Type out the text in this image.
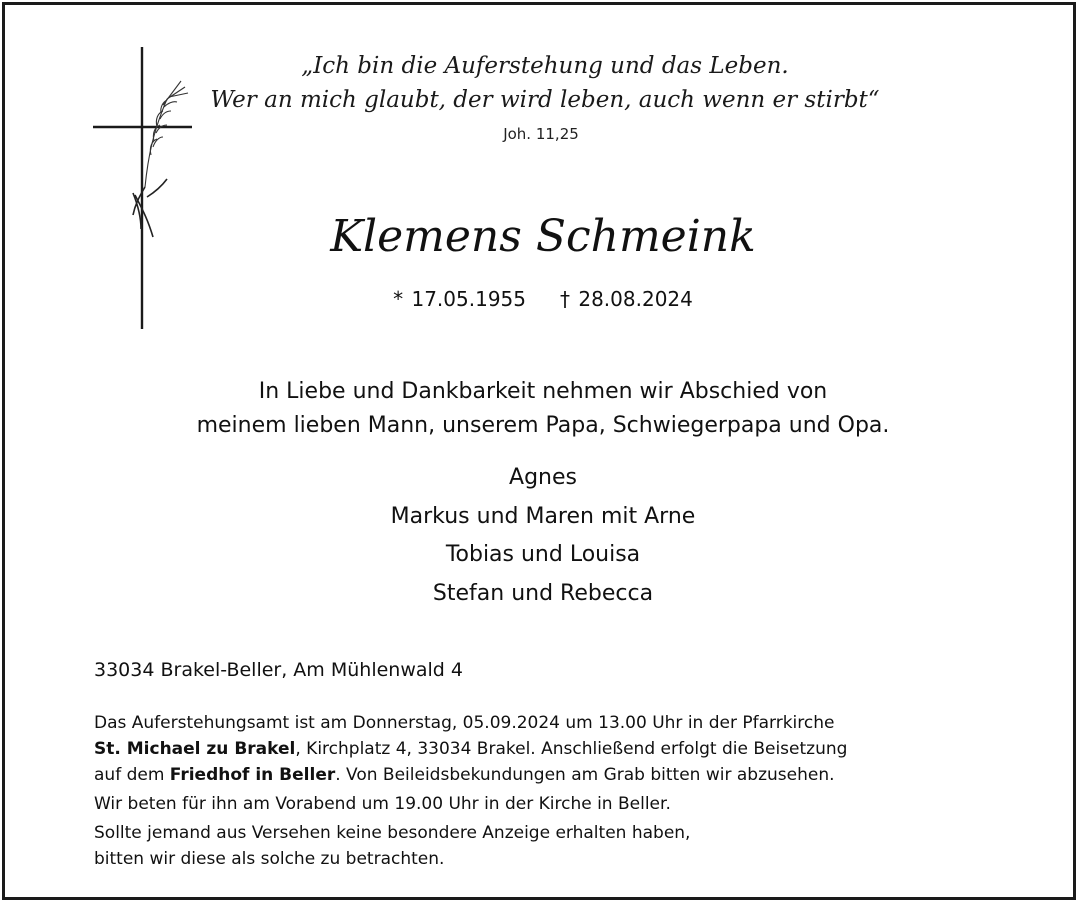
„Ich bin die Auferstehung und das Leben.
Wer an mich glaubt, der wird leben, auch wenn er stirbt“
Joh. 11,25
Klemens Schmeink
* 17.05.1955 † 28.08.2024
In Liebe und Dankbarkeit nehmen wir Abschied von
meinem lieben Mann, unserem Papa, Schwiegerpapa und Opa.
Agnes
Markus und Maren mit Arne
Tobias und Louisa
Stefan und Rebecca
33034 Brakel-Beller, Am Mühlenwald 4

Das Auferstehungsamt ist am Donnerstag, 05.09.2024 um 13.00 Uhr in der Pfarrkirche
St. Michael zu Brakel, Kirchplatz 4, 33034 Brakel. Anschließend erfolgt die Beisetzung
auf dem Friedhof in Beller. Von Beileidsbekundungen am Grab bitten wir abzusehen.

Wir beten für ihn am Vorabend um 19.00 Uhr in der Kirche in Beller.

Sollte jemand aus Versehen keine besondere Anzeige erhalten haben,
bitten wir diese als solche zu betrachten.
